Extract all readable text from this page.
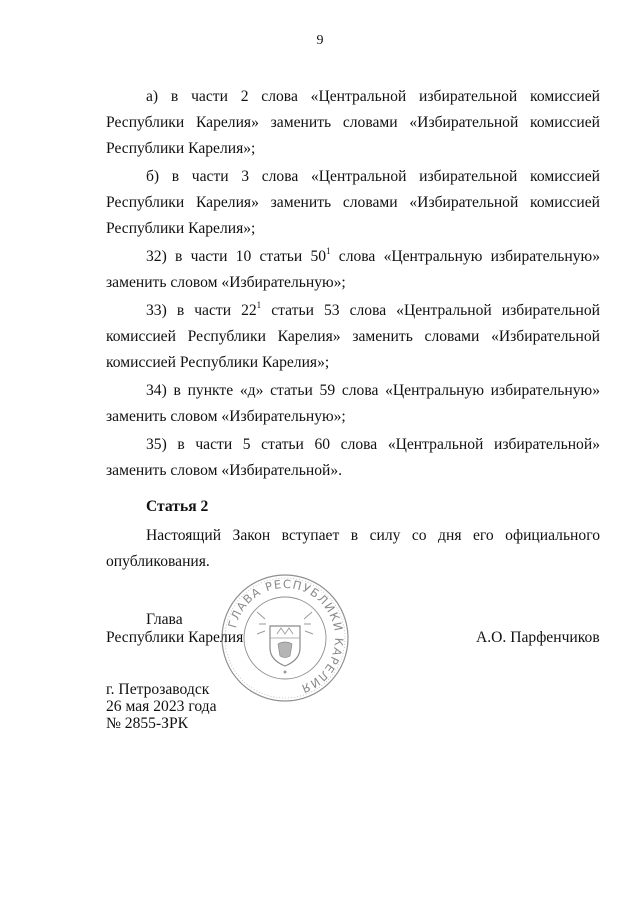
9

а) в части 2 слова «Центральной избирательной комиссией Республики Карелия» заменить словами «Избирательной комиссией Республики Карелия»;

б) в части 3 слова «Центральной избирательной комиссией Республики Карелия» заменить словами «Избирательной комиссией Республики Карелия»;

32) в части 10 статьи $50^1$ слова «Центральную избирательную» заменить словом «Избирательную»;

33) в части $22^1$ статьи 53 слова «Центральной избирательной комиссией Республики Карелия» заменить словами «Избирательной комиссией Республики Карелия»;

34) в пункте «д» статьи 59 слова «Центральную избирательную» заменить словом «Избирательную»;

35) в части 5 статьи 60 слова «Центральной избирательной» заменить словом «Избирательной».

Статья 2
Настоящий Закон вступает в силу со дня его официального опубликования.
ГЛАВА РЕСПУБЛИКИ КАРЕЛИЯ
Глава
Республики Карелия	А.О. Парфенчиков
г. Петрозаводск
26 мая 2023 года
№ 2855-ЗРК
